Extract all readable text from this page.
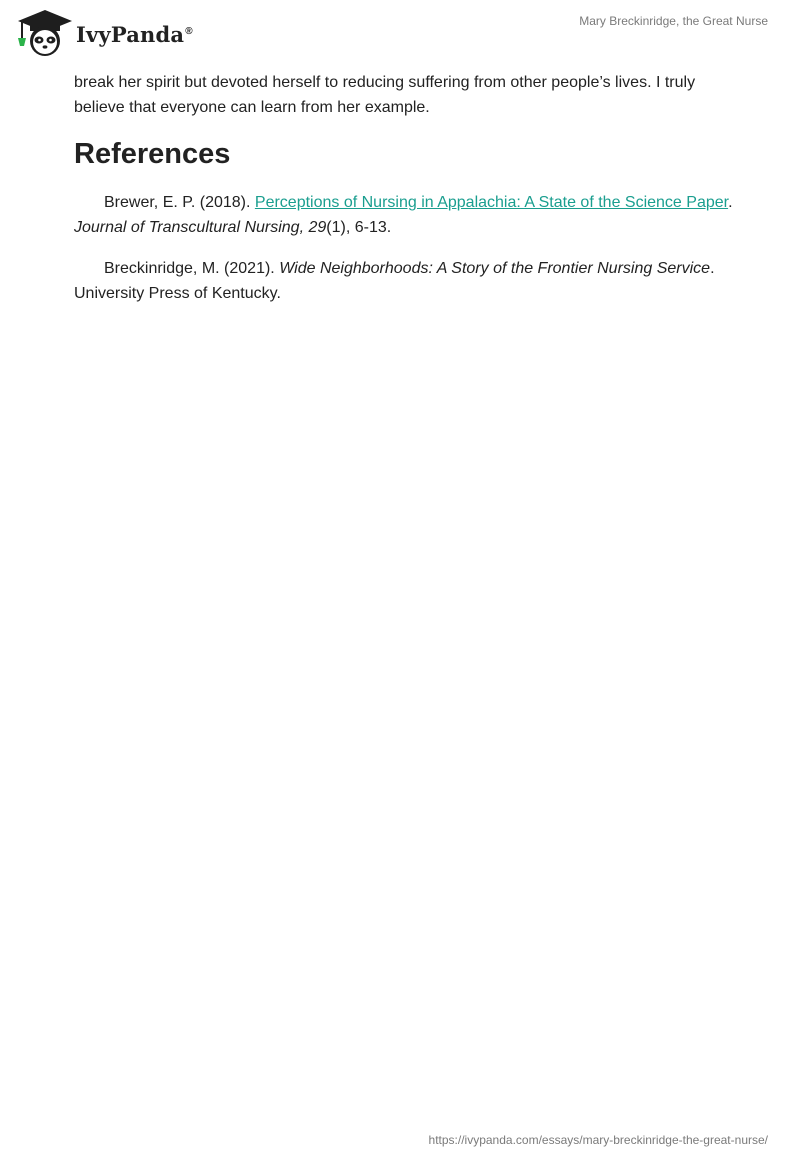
IvyPanda®
Mary Breckinridge, the Great Nurse

break her spirit but devoted herself to reducing suffering from other people’s lives. I truly believe that everyone can learn from her example.

References

Brewer, E. P. (2018). Perceptions of Nursing in Appalachia: A State of the Science Paper. Journal of Transcultural Nursing, 29(1), 6-13.

Breckinridge, M. (2021). Wide Neighborhoods: A Story of the Frontier Nursing Service. University Press of Kentucky.

https://ivypanda.com/essays/mary-breckinridge-the-great-nurse/
